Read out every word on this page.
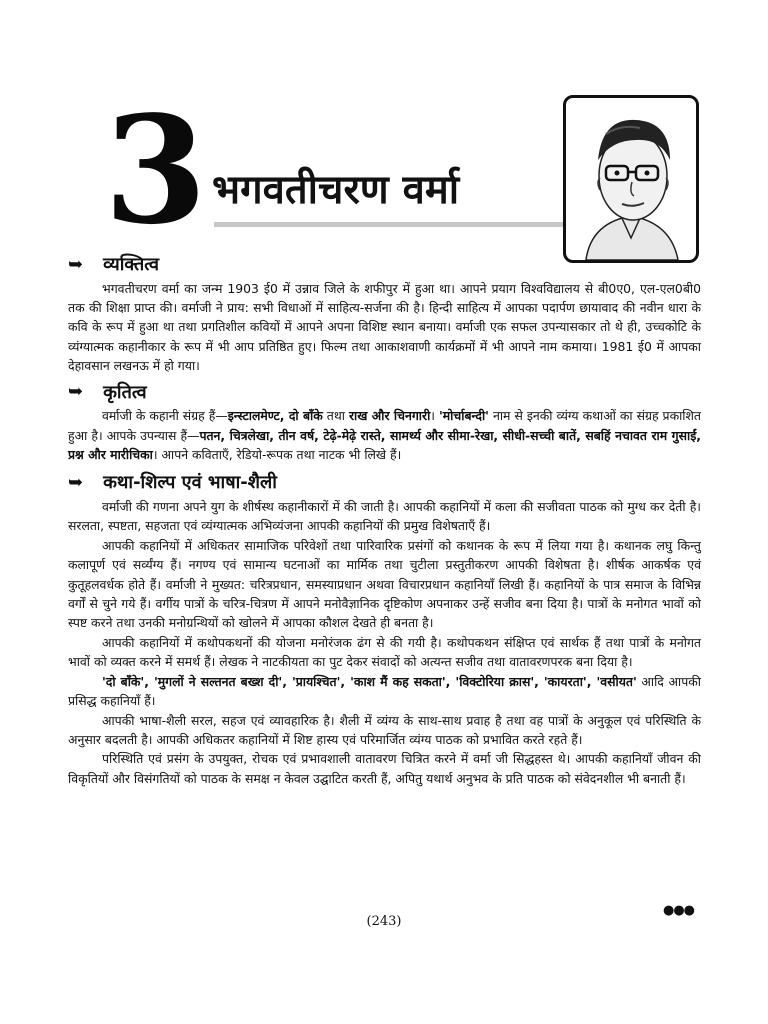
3 भगवतीचरण वर्मा
➥ व्यक्तित्व

भगवतीचरण वर्मा का जन्म 1903 ई0 में उन्नाव जिले के शफीपुर में हुआ था। आपने प्रयाग विश्वविद्यालय से बी0ए0, एल-एल0बी0 तक की शिक्षा प्राप्त की। वर्माजी ने प्राय: सभी विधाओं में साहित्य-सर्जना की है। हिन्दी साहित्य में आपका पदार्पण छायावाद की नवीन धारा के कवि के रूप में हुआ था तथा प्रगतिशील कवियों में आपने अपना विशिष्ट स्थान बनाया। वर्माजी एक सफल उपन्यासकार तो थे ही, उच्चकोटि के व्यंग्यात्मक कहानीकार के रूप में भी आप प्रतिष्ठित हुए। फिल्म तथा आकाशवाणी कार्यक्रमों में भी आपने नाम कमाया। 1981 ई0 में आपका देहावसान लखनऊ में हो गया।

➥ कृतित्व

वर्माजी के कहानी संग्रह हैं—इन्स्टालमेण्ट, दो बाँके तथा राख और चिनगारी। 'मोर्चाबन्दी' नाम से इनकी व्यंग्य कथाओं का संग्रह प्रकाशित हुआ है। आपके उपन्यास हैं—पतन, चित्रलेखा, तीन वर्ष, टेढ़े-मेढ़े रास्ते, सामर्थ्य और सीमा-रेखा, सीधी-सच्ची बातें, सबहिं नचावत राम गुसाईं, प्रश्न और मारीचिका। आपने कविताएँ, रेडियो-रूपक तथा नाटक भी लिखे हैं।

➥ कथा-शिल्प एवं भाषा-शैली

वर्माजी की गणना अपने युग के शीर्षस्थ कहानीकारों में की जाती है। आपकी कहानियों में कला की सजीवता पाठक को मुग्ध कर देती है। सरलता, स्पष्टता, सहजता एवं व्यंग्यात्मक अभिव्यंजना आपकी कहानियों की प्रमुख विशेषताएँ हैं।

आपकी कहानियों में अधिकतर सामाजिक परिवेशों तथा पारिवारिक प्रसंगों को कथानक के रूप में लिया गया है। कथानक लघु किन्तु कलापूर्ण एवं सर्व्यंग्य हैं। नगण्य एवं सामान्य घटनाओं का मार्मिक तथा चुटीला प्रस्तुतीकरण आपकी विशेषता है। शीर्षक आकर्षक एवं कुतूहलवर्धक होते हैं। वर्माजी ने मुख्यत: चरित्रप्रधान, समस्याप्रधान अथवा विचारप्रधान कहानियाँ लिखी हैं। कहानियों के पात्र समाज के विभिन्न वर्गों से चुने गये हैं। वर्गीय पात्रों के चरित्र-चित्रण में आपने मनोवैज्ञानिक दृष्टिकोण अपनाकर उन्हें सजीव बना दिया है। पात्रों के मनोगत भावों को स्पष्ट करने तथा उनकी मनोग्रन्थियों को खोलने में आपका कौशल देखते ही बनता है।

आपकी कहानियों में कथोपकथनों की योजना मनोरंजक ढंग से की गयी है। कथोपकथन संक्षिप्त एवं सार्थक हैं तथा पात्रों के मनोगत भावों को व्यक्त करने में समर्थ हैं। लेखक ने नाटकीयता का पुट देकर संवादों को अत्यन्त सजीव तथा वातावरणपरक बना दिया है।

'दो बाँके', 'मुगलों ने सल्तनत बख्श दी', 'प्रायश्चित', 'काश मैं कह सकता', 'विक्टोरिया क्रास', 'कायरता', 'वसीयत' आदि आपकी प्रसिद्ध कहानियाँ हैं।

आपकी भाषा-शैली सरल, सहज एवं व्यावहारिक है। शैली में व्यंग्य के साथ-साथ प्रवाह है तथा वह पात्रों के अनुकूल एवं परिस्थिति के अनुसार बदलती है। आपकी अधिकतर कहानियों में शिष्ट हास्य एवं परिमार्जित व्यंग्य पाठक को प्रभावित करते रहते हैं।

परिस्थिति एवं प्रसंग के उपयुक्त, रोचक एवं प्रभावशाली वातावरण चित्रित करने में वर्मा जी सिद्धहस्त थे। आपकी कहानियाँ जीवन की विकृतियों और विसंगतियों को पाठक के समक्ष न केवल उद्घाटित करती हैं, अपितु यथार्थ अनुभव के प्रति पाठक को संवेदनशील भी बनाती हैं।

●●●
(243)
